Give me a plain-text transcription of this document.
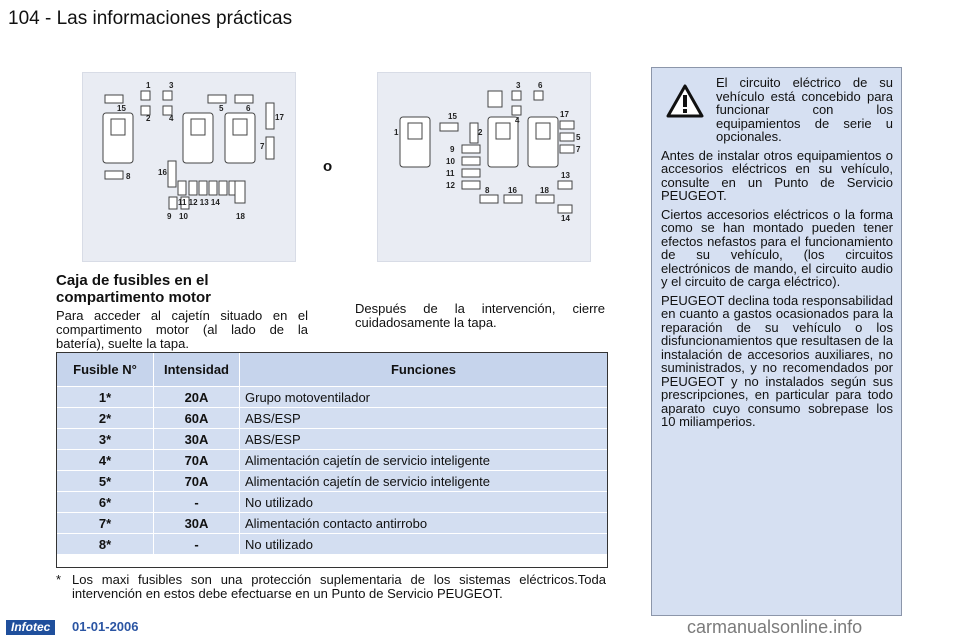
104 - Las informaciones prácticas
1 3
15
2 4
5	6
17
7
16
8
11 12 13 14
9 10	18
o
3 6
15
1	2
4
17
5
7
9
10
11
12
8 16	18
13
14
Caja de fusibles en el compartimento motor
Para acceder al cajetín situado en el compartimento motor (al lado de la batería), suelte la tapa.
Después de la intervención, cierre cuidadosamente la tapa.
Fusible N°	Intensidad	Funciones
1*	20A	Grupo motoventilador
2*	60A	ABS/ESP
3*	30A	ABS/ESP
4*	70A	Alimentación cajetín de servicio inteligente
5*	70A	Alimentación cajetín de servicio inteligente
6*	-	No utilizado
7*	30A	Alimentación contacto antirrobo
8*	-	No utilizado
* Los maxi fusibles son una protección suplementaria de los sistemas eléctricos.Toda intervención en estos debe efectuarse en un Punto de Servicio PEUGEOT.

El circuito eléctrico de su vehículo está concebido para funcionar con los equipamientos de serie u opcionales.

Antes de instalar otros equipamientos o accesorios eléctricos en su vehículo, consulte en un Punto de Servicio PEUGEOT.

Ciertos accesorios eléctricos o la forma como se han montado pueden tener efectos nefastos para el funcionamiento de su vehículo, (los circuitos electrónicos de mando, el circuito audio y el circuito de carga eléctrico).

PEUGEOT declina toda responsabilidad en cuanto a gastos ocasionados para la reparación de su vehículo o los disfuncionamientos que resultasen de la instalación de accesorios auxiliares, no suministrados, y no recomendados por PEUGEOT y no instalados según sus prescripciones, en particular para todo aparato cuyo consumo sobrepase los 10 miliamperios.

Infotec	01-01-2006	carmanualsonline.info
